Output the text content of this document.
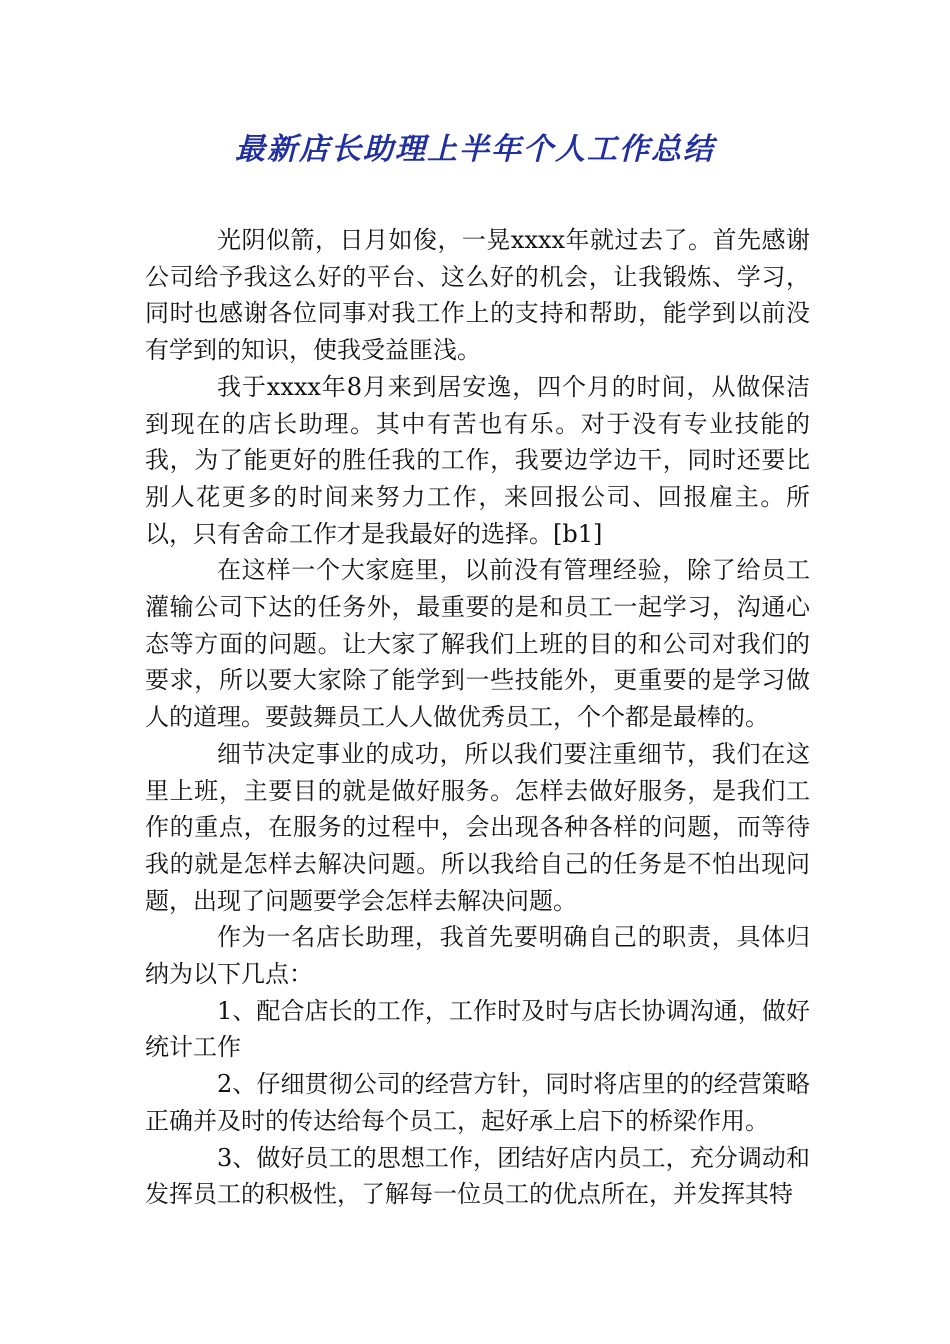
最新店长助理上半年个人工作总结

光阴似箭，日月如俊，一晃xxxx年就过去了。首先感谢公司给予我这么好的平台、这么好的机会，让我锻炼、学习，同时也感谢各位同事对我工作上的支持和帮助，能学到以前没有学到的知识，使我受益匪浅。

我于xxxx年8月来到居安逸，四个月的时间，从做保洁到现在的店长助理。其中有苦也有乐。对于没有专业技能的我，为了能更好的胜任我的工作，我要边学边干，同时还要比别人花更多的时间来努力工作，来回报公司、回报雇主。所以，只有舍命工作才是我最好的选择。[b1]

在这样一个大家庭里，以前没有管理经验，除了给员工灌输公司下达的任务外，最重要的是和员工一起学习，沟通心态等方面的问题。让大家了解我们上班的目的和公司对我们的要求，所以要大家除了能学到一些技能外，更重要的是学习做人的道理。要鼓舞员工人人做优秀员工，个个都是最棒的。

细节决定事业的成功，所以我们要注重细节，我们在这里上班，主要目的就是做好服务。怎样去做好服务，是我们工作的重点，在服务的过程中，会出现各种各样的问题，而等待我的就是怎样去解决问题。所以我给自己的任务是不怕出现问题，出现了问题要学会怎样去解决问题。

作为一名店长助理，我首先要明确自己的职责，具体归纳为以下几点：

1、配合店长的工作，工作时及时与店长协调沟通，做好统计工作

2、仔细贯彻公司的经营方针，同时将店里的的经营策略正确并及时的传达给每个员工，起好承上启下的桥梁作用。

3、做好员工的思想工作，团结好店内员工，充分调动和发挥员工的积极性，了解每一位员工的优点所在，并发挥其特
